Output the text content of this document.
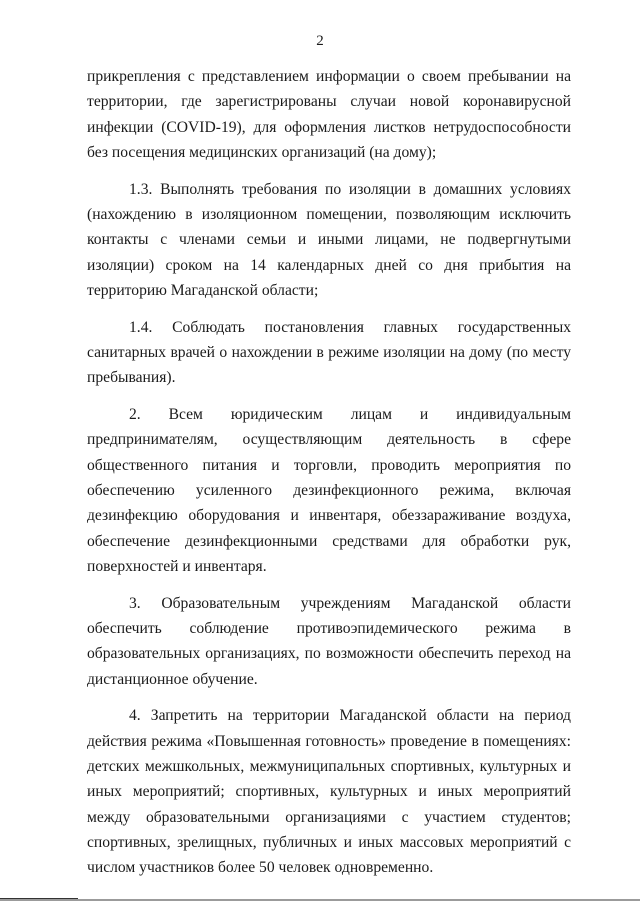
2

прикрепления с представлением информации о своем пребывании на территории, где зарегистрированы случаи новой коронавирусной инфекции (COVID-19), для оформления листков нетрудоспособности без посещения медицинских организаций (на дому);

1.3. Выполнять требования по изоляции в домашних условиях (нахождению в изоляционном помещении, позволяющим исключить контакты с членами семьи и иными лицами, не подвергнутыми изоляции) сроком на 14 календарных дней со дня прибытия на территорию Магаданской области;

1.4. Соблюдать постановления главных государственных санитарных врачей о нахождении в режиме изоляции на дому (по месту пребывания).

2. Всем юридическим лицам и индивидуальным предпринимателям, осуществляющим деятельность в сфере общественного питания и торговли, проводить мероприятия по обеспечению усиленного дезинфекционного режима, включая дезинфекцию оборудования и инвентаря, обеззараживание воздуха, обеспечение дезинфекционными средствами для обработки рук, поверхностей и инвентаря.

3. Образовательным учреждениям Магаданской области обеспечить соблюдение противоэпидемического режима в образовательных организациях, по возможности обеспечить переход на дистанционное обучение.

4. Запретить на территории Магаданской области на период действия режима «Повышенная готовность» проведение в помещениях: детских межшкольных, межмуниципальных спортивных, культурных и иных мероприятий; спортивных, культурных и иных мероприятий между образовательными организациями с участием студентов; спортивных, зрелищных, публичных и иных массовых мероприятий с числом участников более 50 человек одновременно.
